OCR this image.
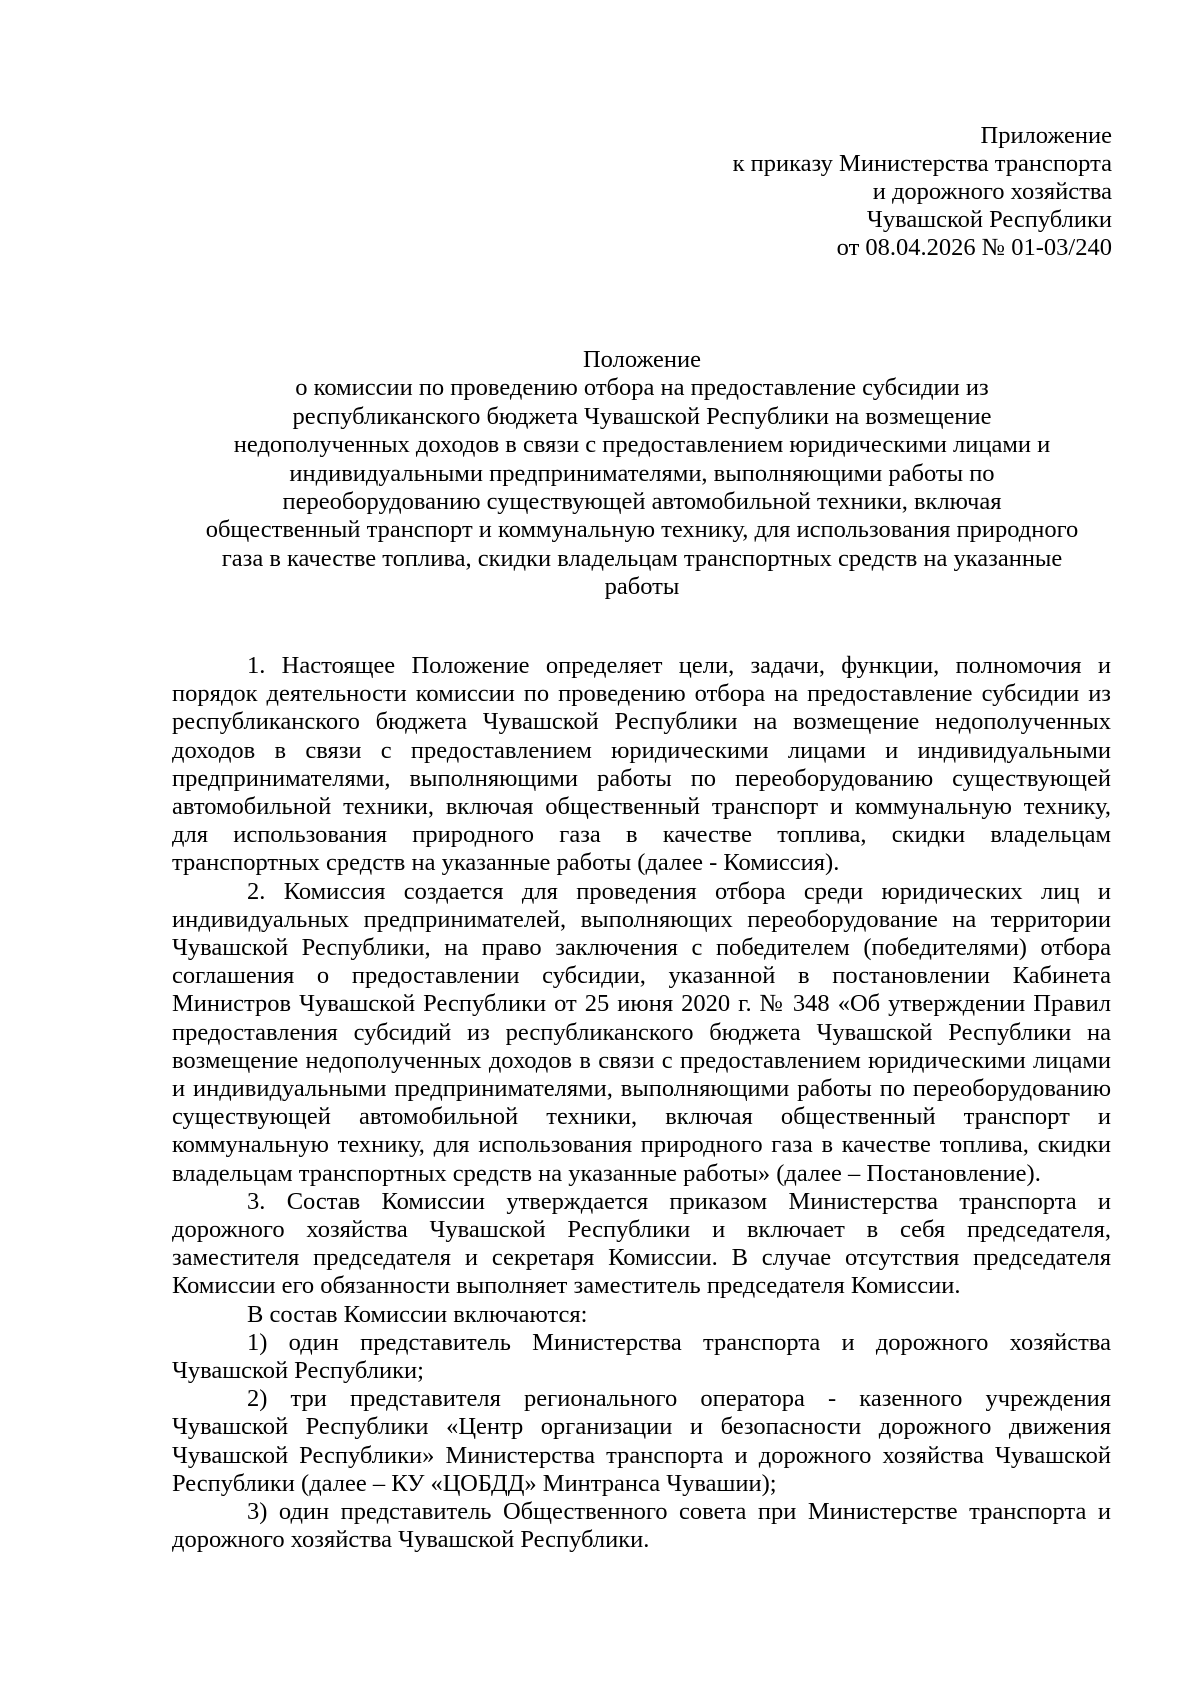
Приложение
к приказу Министерства транспорта
и дорожного хозяйства
Чувашской Республики
от 08.04.2026 № 01-03/240
Положение
о комиссии по проведению отбора на предоставление субсидии из
республиканского бюджета Чувашской Республики на возмещение
недополученных доходов в связи с предоставлением юридическими лицами и
индивидуальными предпринимателями, выполняющими работы по
переоборудованию существующей автомобильной техники, включая
общественный транспорт и коммунальную технику, для использования природного
газа в качестве топлива, скидки владельцам транспортных средств на указанные
работы

1. Настоящее Положение определяет цели, задачи, функции, полномочия и порядок деятельности комиссии по проведению отбора на предоставление субсидии из республиканского бюджета Чувашской Республики на возмещение недополученных доходов в связи с предоставлением юридическими лицами и индивидуальными предпринимателями, выполняющими работы по переоборудованию существующей автомобильной техники, включая общественный транспорт и коммунальную технику, для использования природного газа в качестве топлива, скидки владельцам транспортных средств на указанные работы (далее - Комиссия).

2. Комиссия создается для проведения отбора среди юридических лиц и индивидуальных предпринимателей, выполняющих переоборудование на территории Чувашской Республики, на право заключения с победителем (победителями) отбора соглашения о предоставлении субсидии, указанной в постановлении Кабинета Министров Чувашской Республики от 25 июня 2020 г. № 348 «Об утверждении Правил предоставления субсидий из республиканского бюджета Чувашской Республики на возмещение недополученных доходов в связи с предоставлением юридическими лицами и индивидуальными предпринимателями, выполняющими работы по переоборудованию существующей автомобильной техники, включая общественный транспорт и коммунальную технику, для использования природного газа в качестве топлива, скидки владельцам транспортных средств на указанные работы» (далее – Постановление).

3. Состав Комиссии утверждается приказом Министерства транспорта и дорожного хозяйства Чувашской Республики и включает в себя председателя, заместителя председателя и секретаря Комиссии. В случае отсутствия председателя Комиссии его обязанности выполняет заместитель председателя Комиссии.

В состав Комиссии включаются:

1) один представитель Министерства транспорта и дорожного хозяйства Чувашской Республики;

2) три представителя регионального оператора - казенного учреждения Чувашской Республики «Центр организации и безопасности дорожного движения Чувашской Республики» Министерства транспорта и дорожного хозяйства Чувашской Республики (далее – КУ «ЦОБДД» Минтранса Чувашии);

3) один представитель Общественного совета при Министерстве транспорта и дорожного хозяйства Чувашской Республики.
